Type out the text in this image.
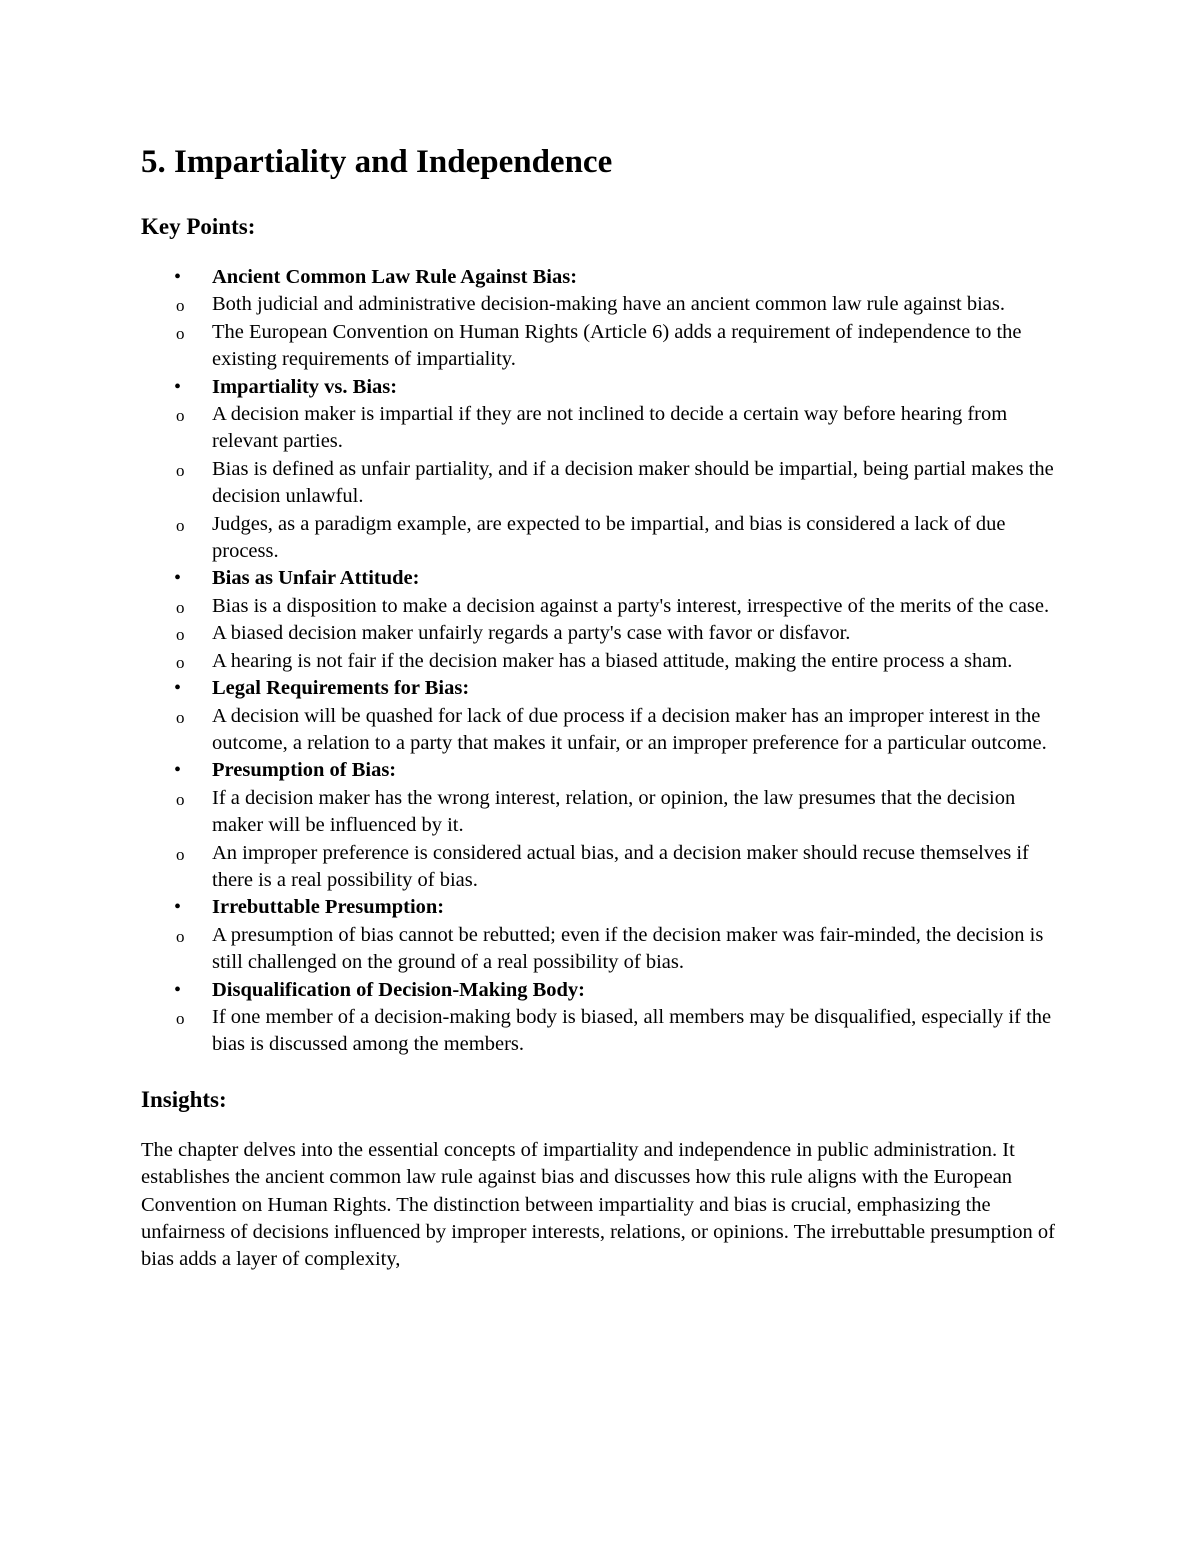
5. Impartiality and Independence
Key Points:
• Ancient Common Law Rule Against Bias:
o Both judicial and administrative decision-making have an ancient common law rule against bias.
o The European Convention on Human Rights (Article 6) adds a requirement of independence to the existing requirements of impartiality.
• Impartiality vs. Bias:
o A decision maker is impartial if they are not inclined to decide a certain way before hearing from relevant parties.
o Bias is defined as unfair partiality, and if a decision maker should be impartial, being partial makes the decision unlawful.
o Judges, as a paradigm example, are expected to be impartial, and bias is considered a lack of due process.
• Bias as Unfair Attitude:
o Bias is a disposition to make a decision against a party's interest, irrespective of the merits of the case.
o A biased decision maker unfairly regards a party's case with favor or disfavor.
o A hearing is not fair if the decision maker has a biased attitude, making the entire process a sham.
• Legal Requirements for Bias:
o A decision will be quashed for lack of due process if a decision maker has an improper interest in the outcome, a relation to a party that makes it unfair, or an improper preference for a particular outcome.
• Presumption of Bias:
o If a decision maker has the wrong interest, relation, or opinion, the law presumes that the decision maker will be influenced by it.
o An improper preference is considered actual bias, and a decision maker should recuse themselves if there is a real possibility of bias.
• Irrebuttable Presumption:
o A presumption of bias cannot be rebutted; even if the decision maker was fair-minded, the decision is still challenged on the ground of a real possibility of bias.
• Disqualification of Decision-Making Body:
o If one member of a decision-making body is biased, all members may be disqualified, especially if the bias is discussed among the members.
Insights:

The chapter delves into the essential concepts of impartiality and independence in public administration. It establishes the ancient common law rule against bias and discusses how this rule aligns with the European Convention on Human Rights. The distinction between impartiality and bias is crucial, emphasizing the unfairness of decisions influenced by improper interests, relations, or opinions. The irrebuttable presumption of bias adds a layer of complexity,
